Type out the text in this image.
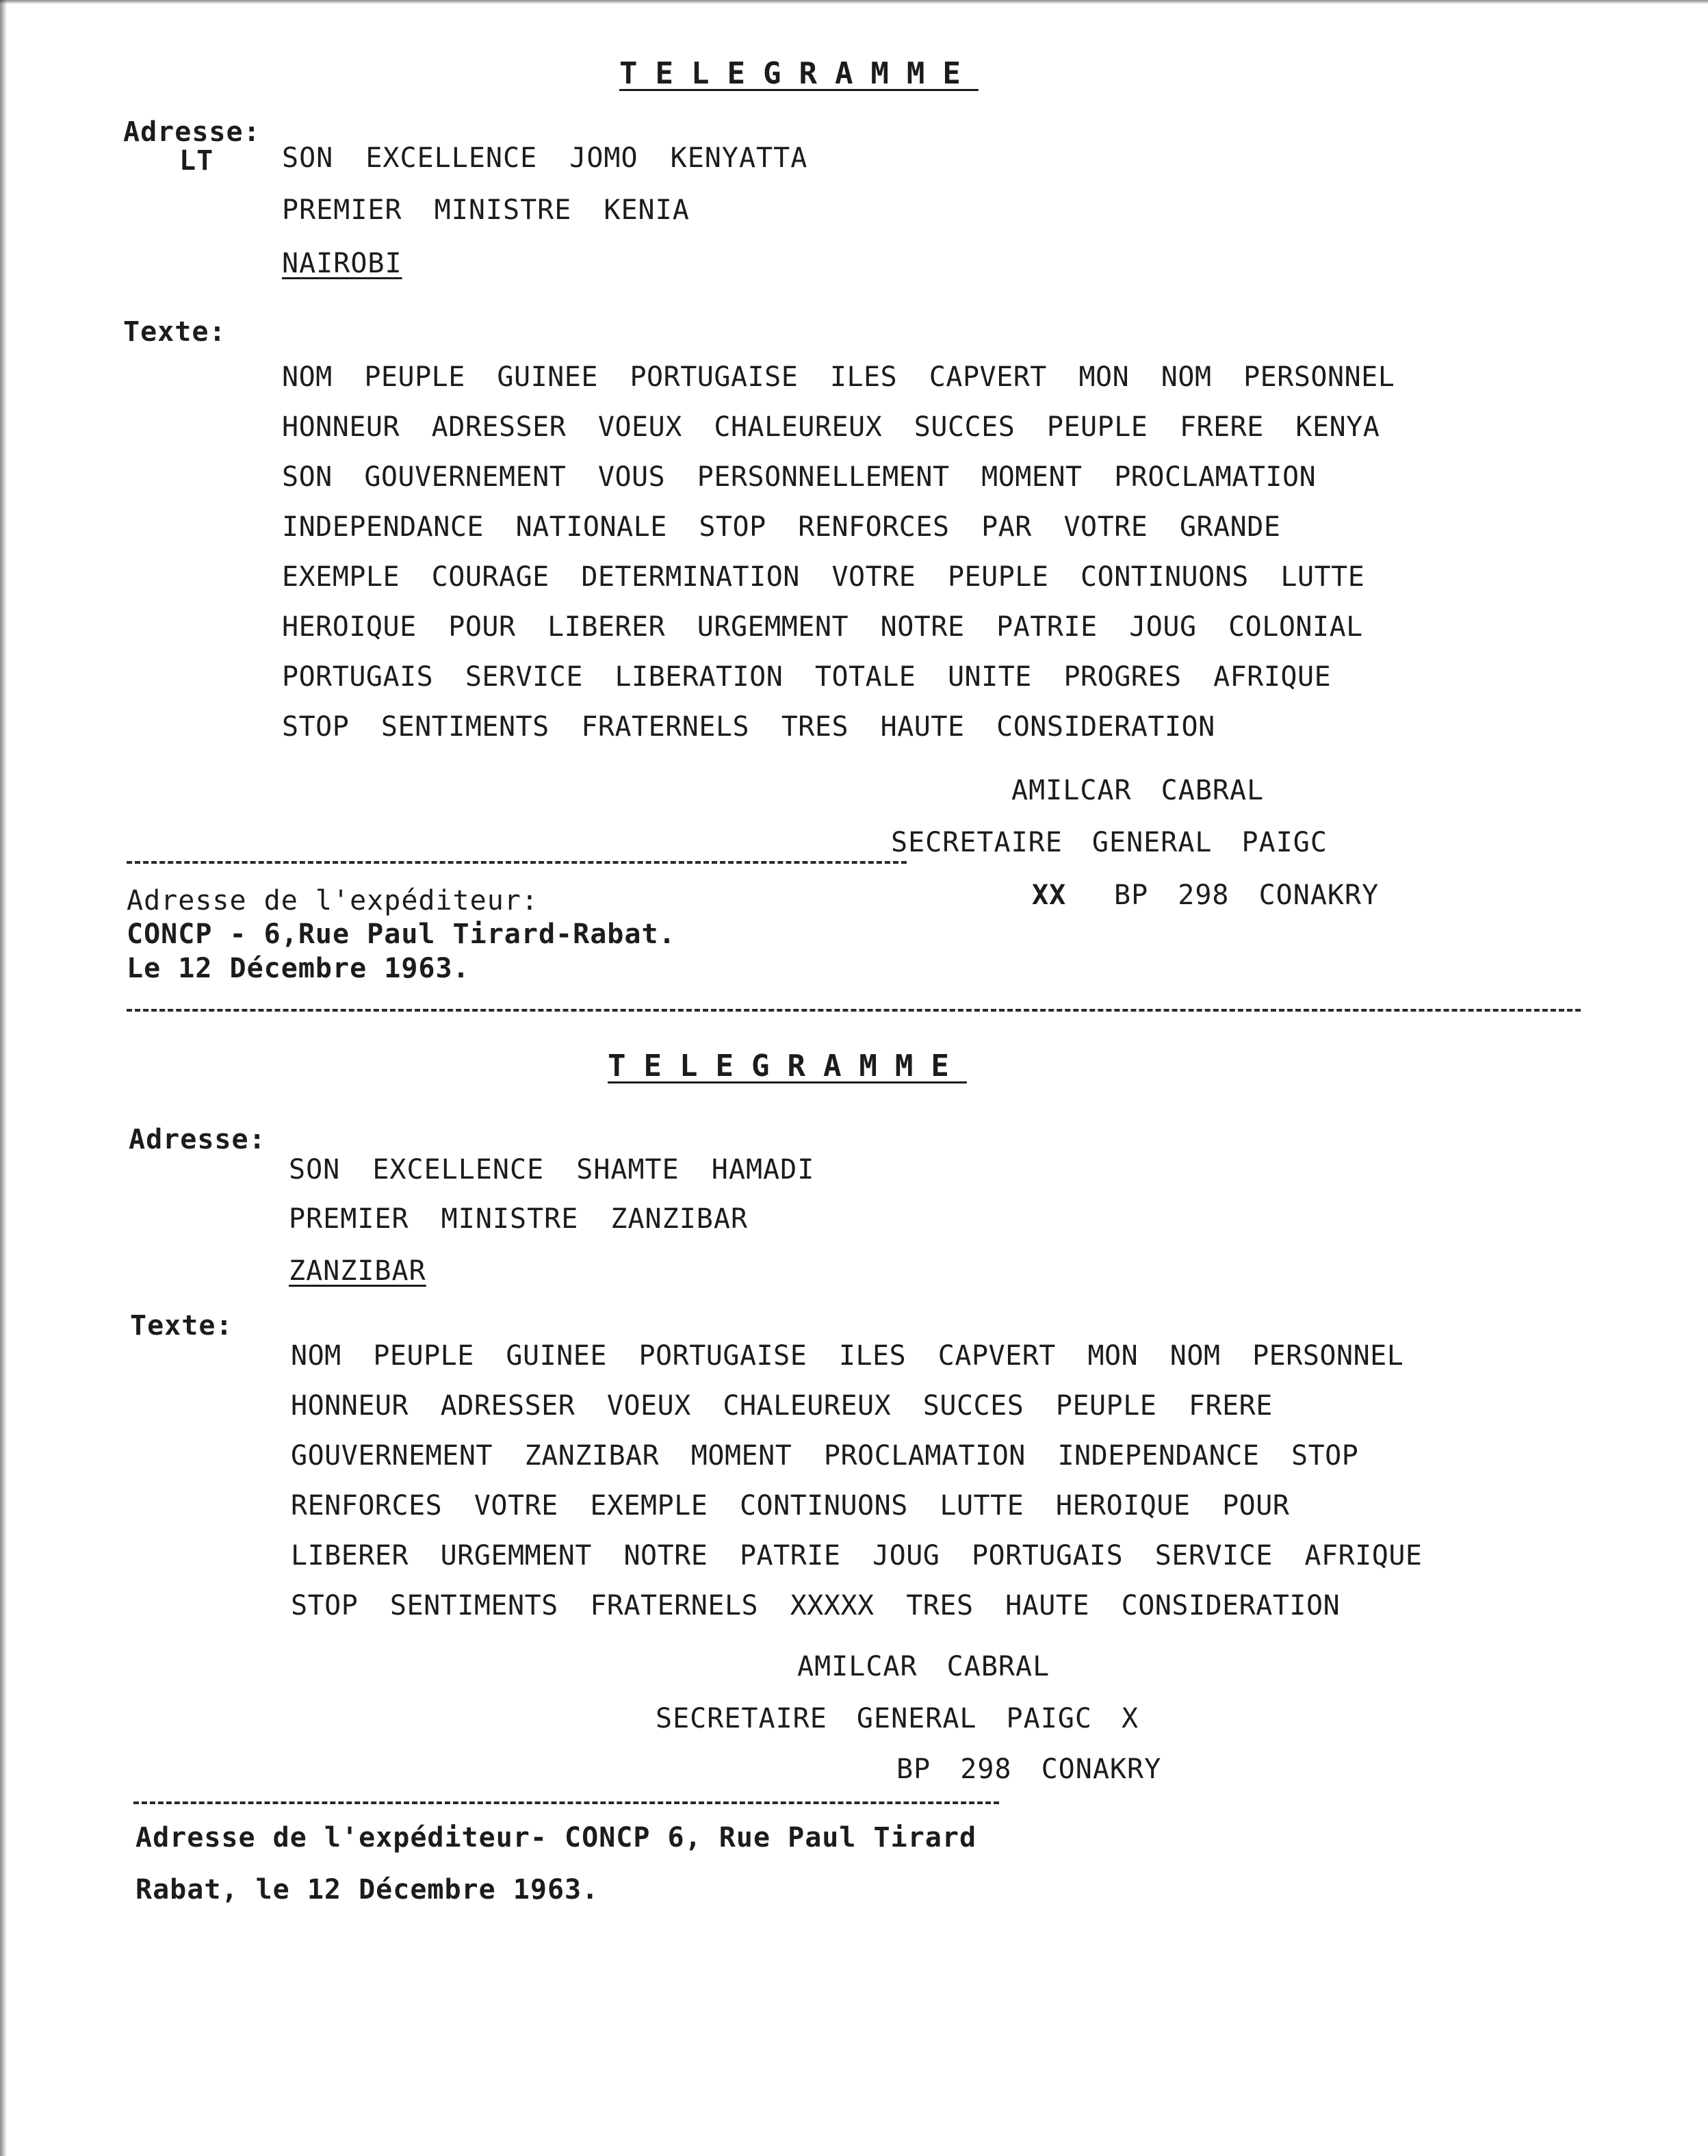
TELEGRAMME
Adresse:
LT SON EXCELLENCE JOMO KENYATTA
PREMIER MINISTRE KENIA
NAIROBI
Texte:

NOM PEUPLE GUINEE PORTUGAISE ILES CAPVERT MON NOM PERSONNEL

HONNEUR ADRESSER VOEUX CHALEUREUX SUCCES PEUPLE FRERE KENYA

SON GOUVERNEMENT VOUS PERSONNELLEMENT MOMENT PROCLAMATION

INDEPENDANCE NATIONALE STOP RENFORCES PAR VOTRE GRANDE

EXEMPLE COURAGE DETERMINATION VOTRE PEUPLE CONTINUONS LUTTE

HEROIQUE POUR LIBERER URGEMMENT NOTRE PATRIE JOUG COLONIAL

PORTUGAIS SERVICE LIBERATION TOTALE UNITE PROGRES AFRIQUE

STOP SENTIMENTS FRATERNELS TRES HAUTE CONSIDERATION

AMILCAR CABRAL
SECRETAIRE GENERAL PAIGC
XX BP 298 CONAKRY
Adresse de l'expéditeur:
CONCP - 6,Rue Paul Tirard-Rabat.
Le 12 Décembre 1963.
TELEGRAMME
Adresse:
SON EXCELLENCE SHAMTE HAMADI
PREMIER MINISTRE ZANZIBAR
ZANZIBAR
Texte:

NOM PEUPLE GUINEE PORTUGAISE ILES CAPVERT MON NOM PERSONNEL

HONNEUR ADRESSER VOEUX CHALEUREUX SUCCES PEUPLE FRERE

GOUVERNEMENT ZANZIBAR MOMENT PROCLAMATION INDEPENDANCE STOP

RENFORCES VOTRE EXEMPLE CONTINUONS LUTTE HEROIQUE POUR

LIBERER URGEMMENT NOTRE PATRIE JOUG PORTUGAIS SERVICE AFRIQUE

STOP SENTIMENTS FRATERNELS XXXXX TRES HAUTE CONSIDERATION

AMILCAR CABRAL
SECRETAIRE GENERAL PAIGC X
BP 298 CONAKRY
Adresse de l'expéditeur- CONCP 6, Rue Paul Tirard
Rabat, le 12 Décembre 1963.
